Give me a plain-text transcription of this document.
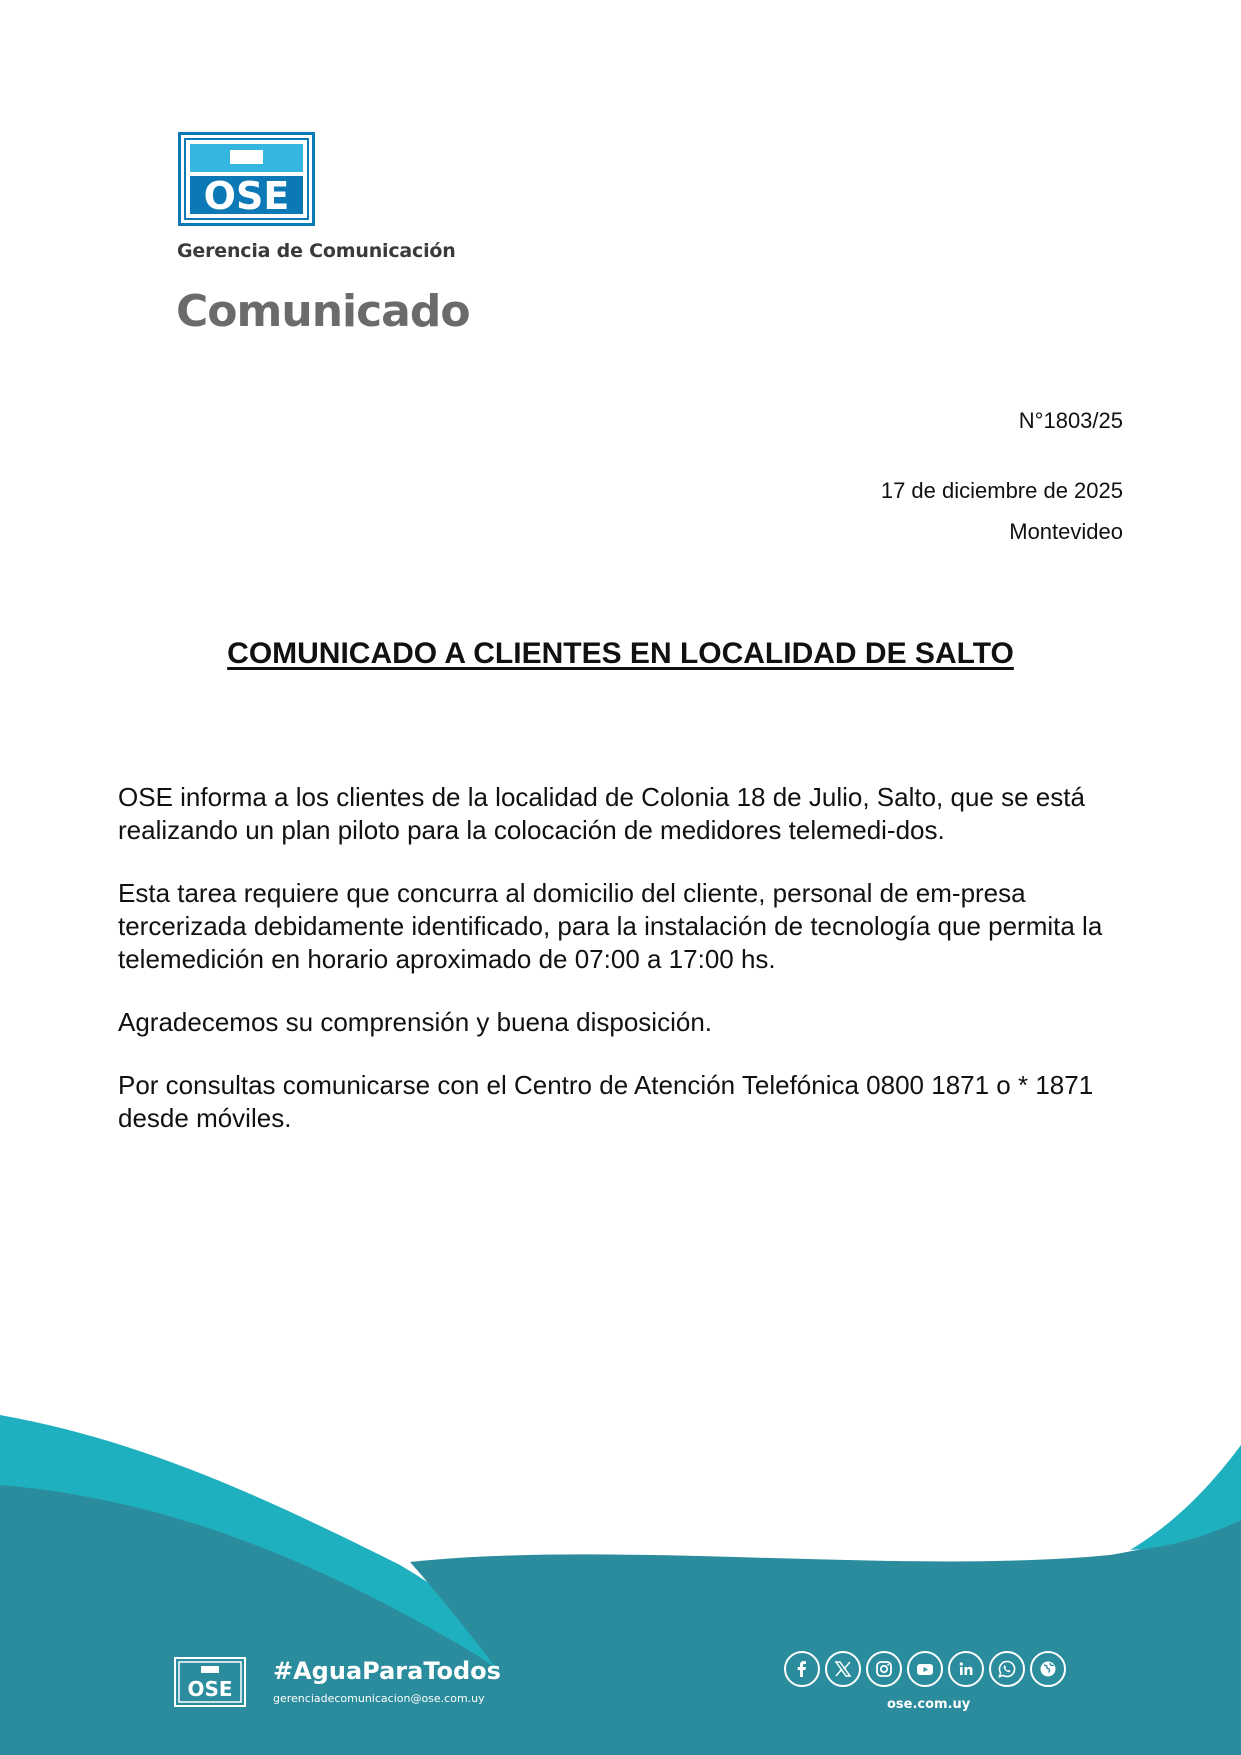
OSE
Gerencia de Comunicación
Comunicado
N°1803/25
17 de diciembre de 2025
Montevideo
COMUNICADO A CLIENTES EN LOCALIDAD DE SALTO

OSE informa a los clientes de la localidad de Colonia 18 de Julio, Salto, que se está realizando un plan piloto para la colocación de medidores telemedi-dos.

Esta tarea requiere que concurra al domicilio del cliente, personal de em-presa tercerizada debidamente identificado, para la instalación de tecnología que permita la telemedición en horario aproximado de 07:00 a 17:00 hs.

Agradecemos su comprensión y buena disposición.

Por consultas comunicarse con el Centro de Atención Telefónica 0800 1871 o * 1871 desde móviles.

OSE
#AguaParaTodos
gerenciadecomunicacion@ose.com.uy	ose.com.uy
